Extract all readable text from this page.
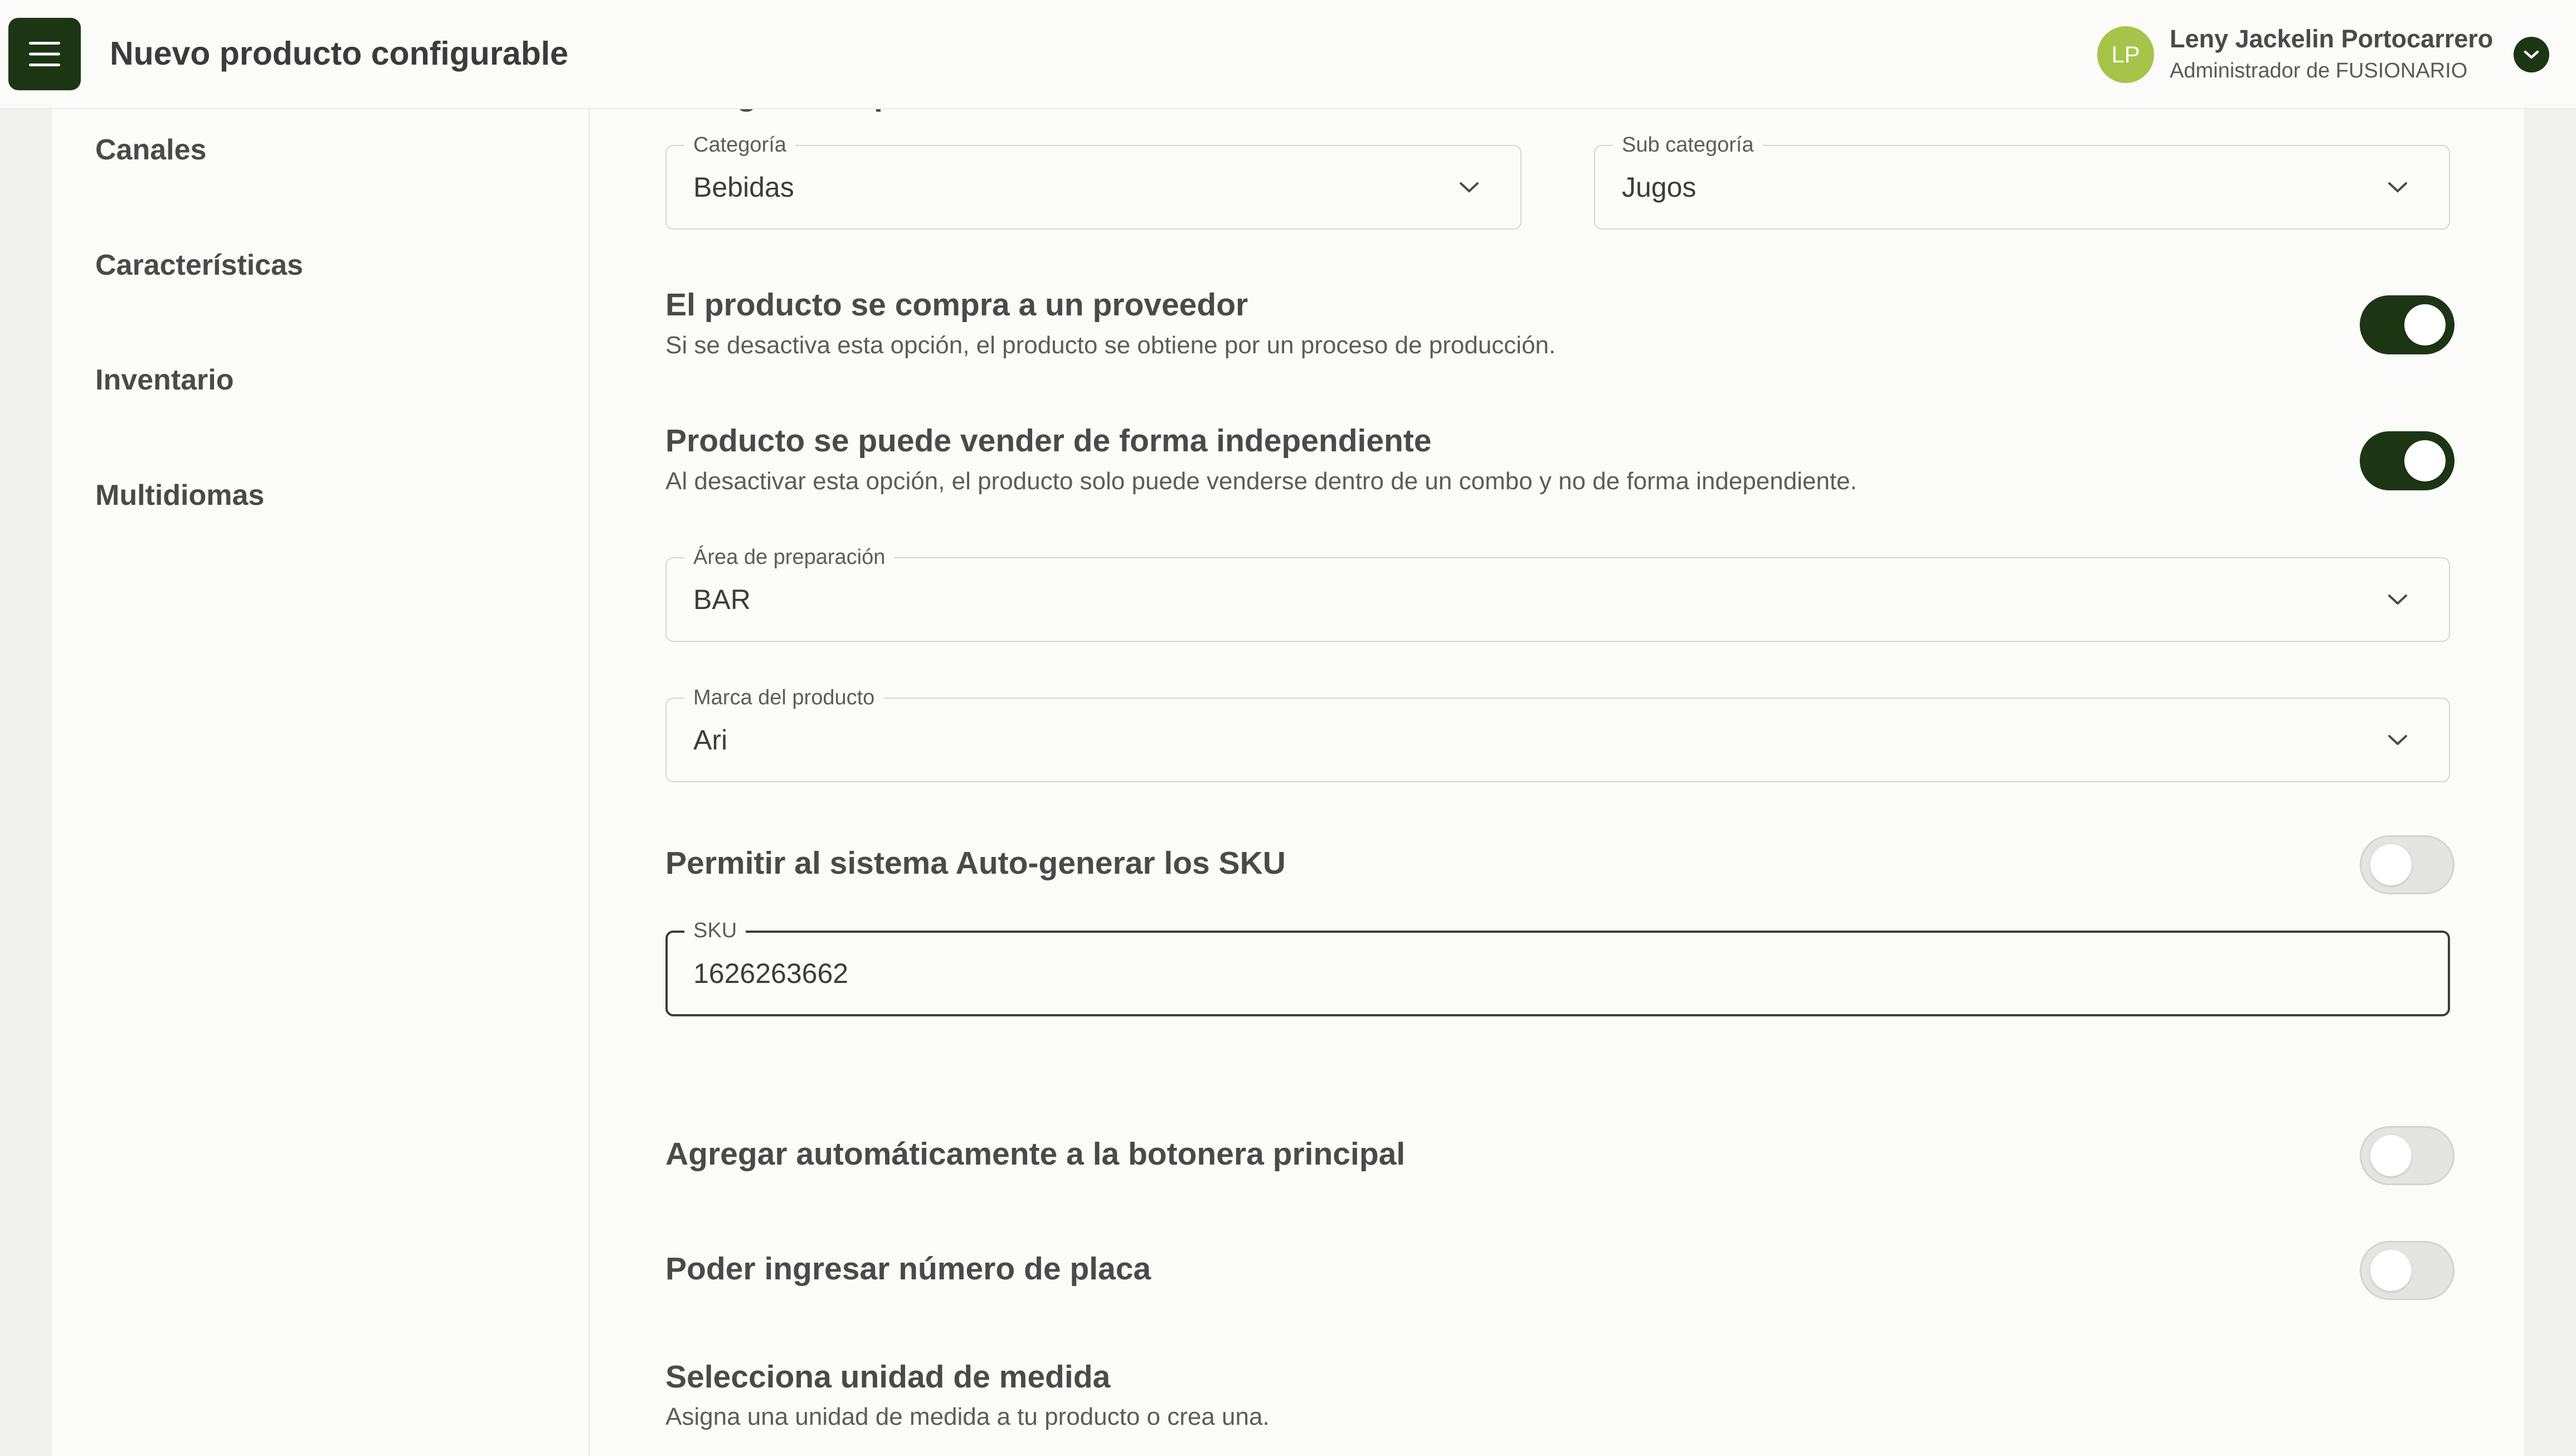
Nuevo producto configurable	LP
Leny Jackelin Portocarrero
Administrador de FUSIONARIO
Canales
Características
Inventario
Multidiomas
Categoría
Bebidas
Sub categoría
Jugos
El producto se compra a un proveedor
Si se desactiva esta opción, el producto se obtiene por un proceso de producción.
Producto se puede vender de forma independiente
Al desactivar esta opción, el producto solo puede venderse dentro de un combo y no de forma independiente.
Área de preparación
BAR
Marca del producto
Ari
Permitir al sistema Auto-generar los SKU
SKU
1626263662
Agregar automáticamente a la botonera principal
Poder ingresar número de placa
Selecciona unidad de medida
Asigna una unidad de medida a tu producto o crea una.
